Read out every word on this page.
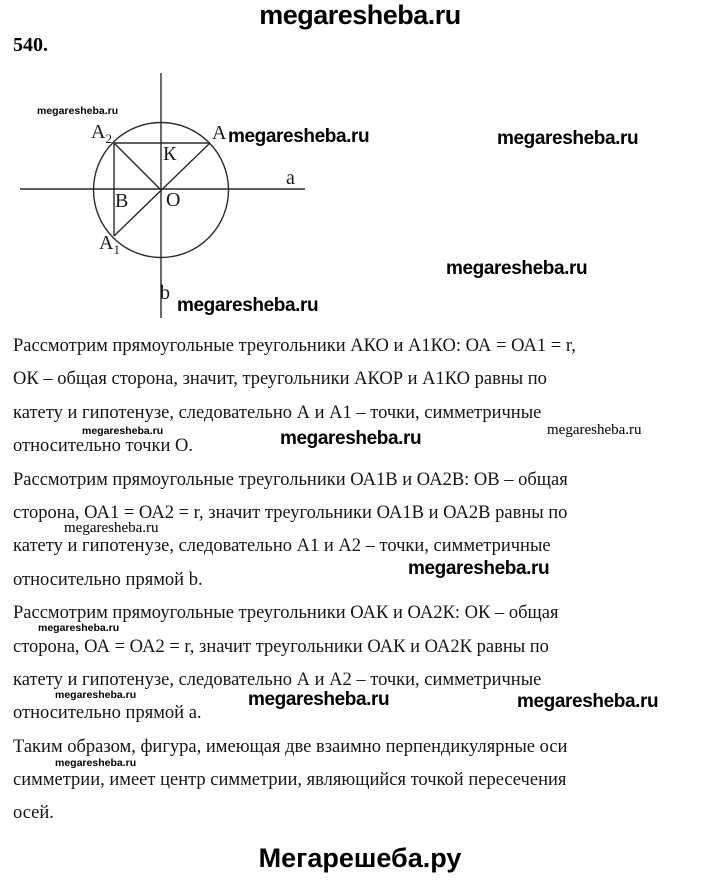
megaresheba.ru
540.
$A_2$	A
К
В О
$A_1$
a
b
Рассмотрим прямоугольные треугольники АКО и А1КО: ОА = ОА1 = r,
ОК – общая сторона, значит, треугольники АКОР и А1КО равны по
катету и гипотенузе, следовательно А и А1 – точки, симметричные
относительно точки О.
Рассмотрим прямоугольные треугольники ОА1В и ОА2В: ОВ – общая
сторона, ОА1 = ОА2 = r, значит треугольники ОА1В и ОА2В равны по
катету и гипотенузе, следовательно А1 и А2 – точки, симметричные
относительно прямой b.
Рассмотрим прямоугольные треугольники ОАК и ОА2К: ОК – общая
сторона, ОА = ОА2 = r, значит треугольники ОАК и ОА2К равны по
катету и гипотенузе, следовательно А и А2 – точки, симметричные
относительно прямой а.
Таким образом, фигура, имеющая две взаимно перпендикулярные оси
симметрии, имеет центр симметрии, являющийся точкой пересечения
осей.
megaresheba.ru
megaresheba.ru	megaresheba.ru
megaresheba.ru
megaresheba.ru
megaresheba.ru	megaresheba.ru	megaresheba.ru
megaresheba.ru
megaresheba.ru
megaresheba.ru
megaresheba.ru	megaresheba.ru	megaresheba.ru
megaresheba.ru
Мегарешеба.ру
